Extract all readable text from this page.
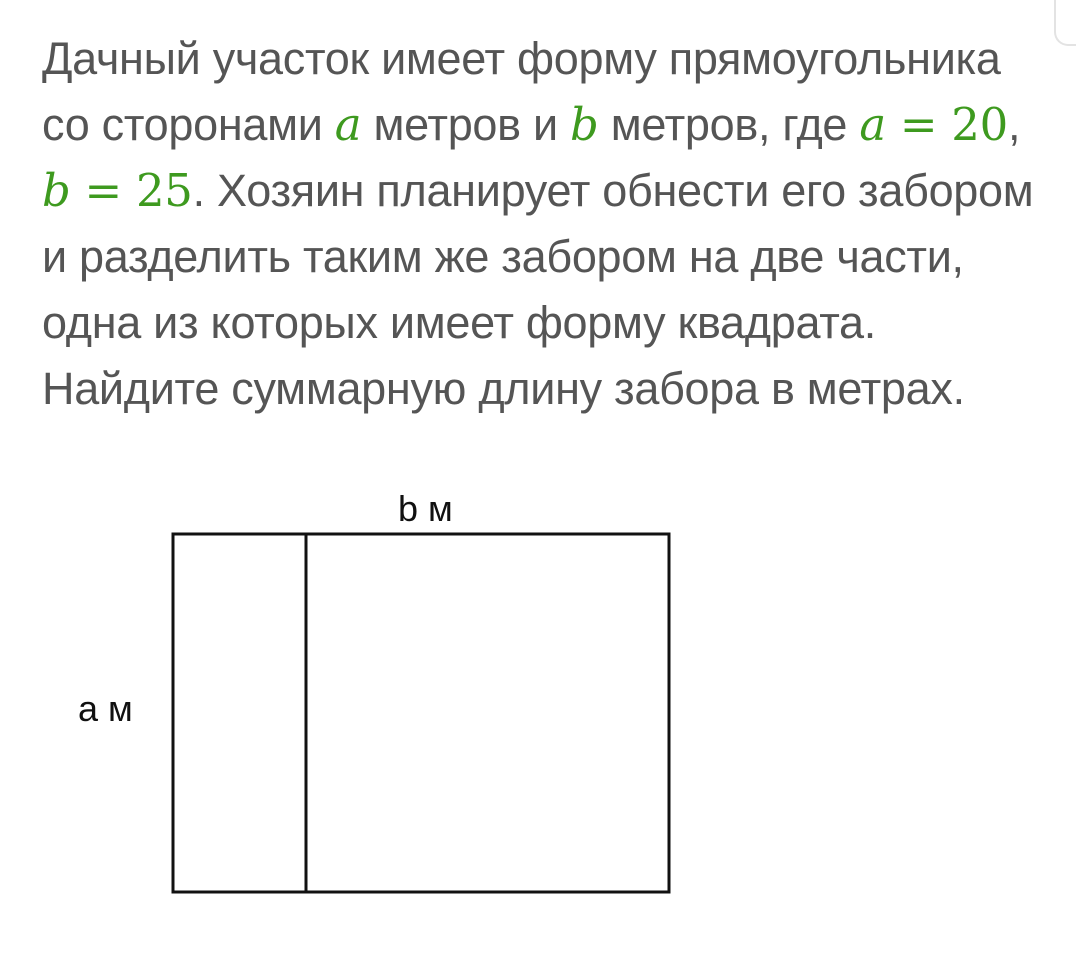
Дачный участок имеет форму прямоугольника со сторонами a метров и b метров, где a = 20, b = 25. Хозяин планирует обнести его забором и разделить таким же забором на две части, одна из которых имеет форму квадрата. Найдите суммарную длину забора в метрах.
b м
a м
